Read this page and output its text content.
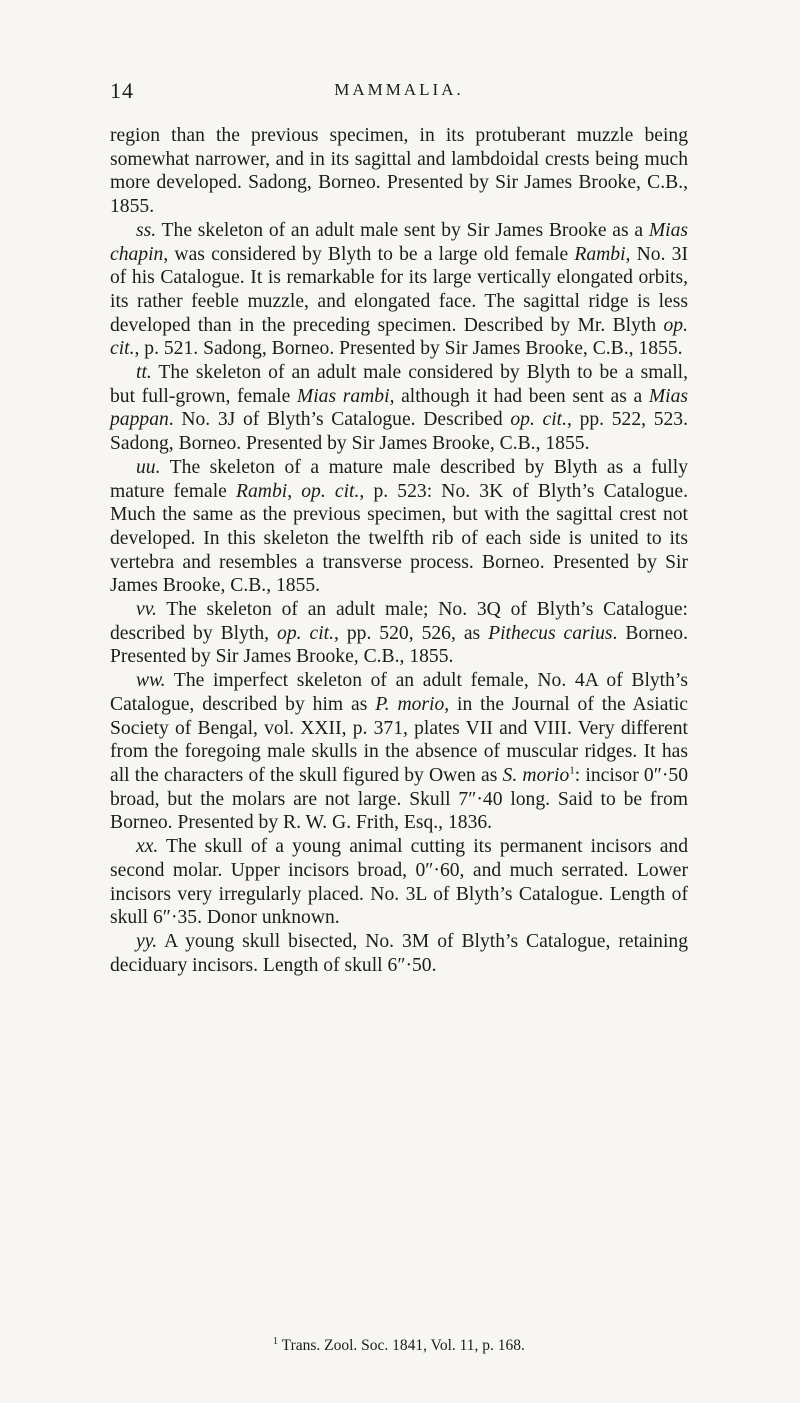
14	MAMMALIA.

region than the previous specimen, in its protuberant muzzle being somewhat narrower, and in its sagittal and lambdoidal crests being much more developed. Sadong, Borneo. Presented by Sir James Brooke, C.B., 1855.

ss. The skeleton of an adult male sent by Sir James Brooke as a Mias chapin, was considered by Blyth to be a large old female Rambi, No. 3I of his Catalogue. It is remarkable for its large vertically elongated orbits, its rather feeble muzzle, and elongated face. The sagittal ridge is less developed than in the preceding specimen. Described by Mr. Blyth op. cit., p. 521. Sadong, Borneo. Presented by Sir James Brooke, C.B., 1855.

tt. The skeleton of an adult male considered by Blyth to be a small, but full-grown, female Mias rambi, although it had been sent as a Mias pappan. No. 3J of Blyth’s Catalogue. Described op. cit., pp. 522, 523. Sadong, Borneo. Presented by Sir James Brooke, C.B., 1855.

uu. The skeleton of a mature male described by Blyth as a fully mature female Rambi, op. cit., p. 523: No. 3K of Blyth’s Catalogue. Much the same as the previous specimen, but with the sagittal crest not developed. In this skeleton the twelfth rib of each side is united to its vertebra and resembles a transverse process. Borneo. Presented by Sir James Brooke, C.B., 1855.

vv. The skeleton of an adult male; No. 3Q of Blyth’s Catalogue: described by Blyth, op. cit., pp. 520, 526, as Pithecus carius. Borneo. Presented by Sir James Brooke, C.B., 1855.

ww. The imperfect skeleton of an adult female, No. 4A of Blyth’s Catalogue, described by him as P. morio, in the Journal of the Asiatic Society of Bengal, vol. XXII, p. 371, plates VII and VIII. Very different from the foregoing male skulls in the absence of muscular ridges. It has all the characters of the skull figured by Owen as S. morio$^1$: incisor 0″·50 broad, but the molars are not large. Skull 7″·40 long. Said to be from Borneo. Presented by R. W. G. Frith, Esq., 1836.

xx. The skull of a young animal cutting its permanent incisors and second molar. Upper incisors broad, 0″·60, and much serrated. Lower incisors very irregularly placed. No. 3L of Blyth’s Catalogue. Length of skull 6″·35. Donor unknown.

yy. A young skull bisected, No. 3M of Blyth’s Catalogue, retaining deciduary incisors. Length of skull 6″·50.

$^1$ Trans. Zool. Soc. 1841, Vol. 11, p. 168.
